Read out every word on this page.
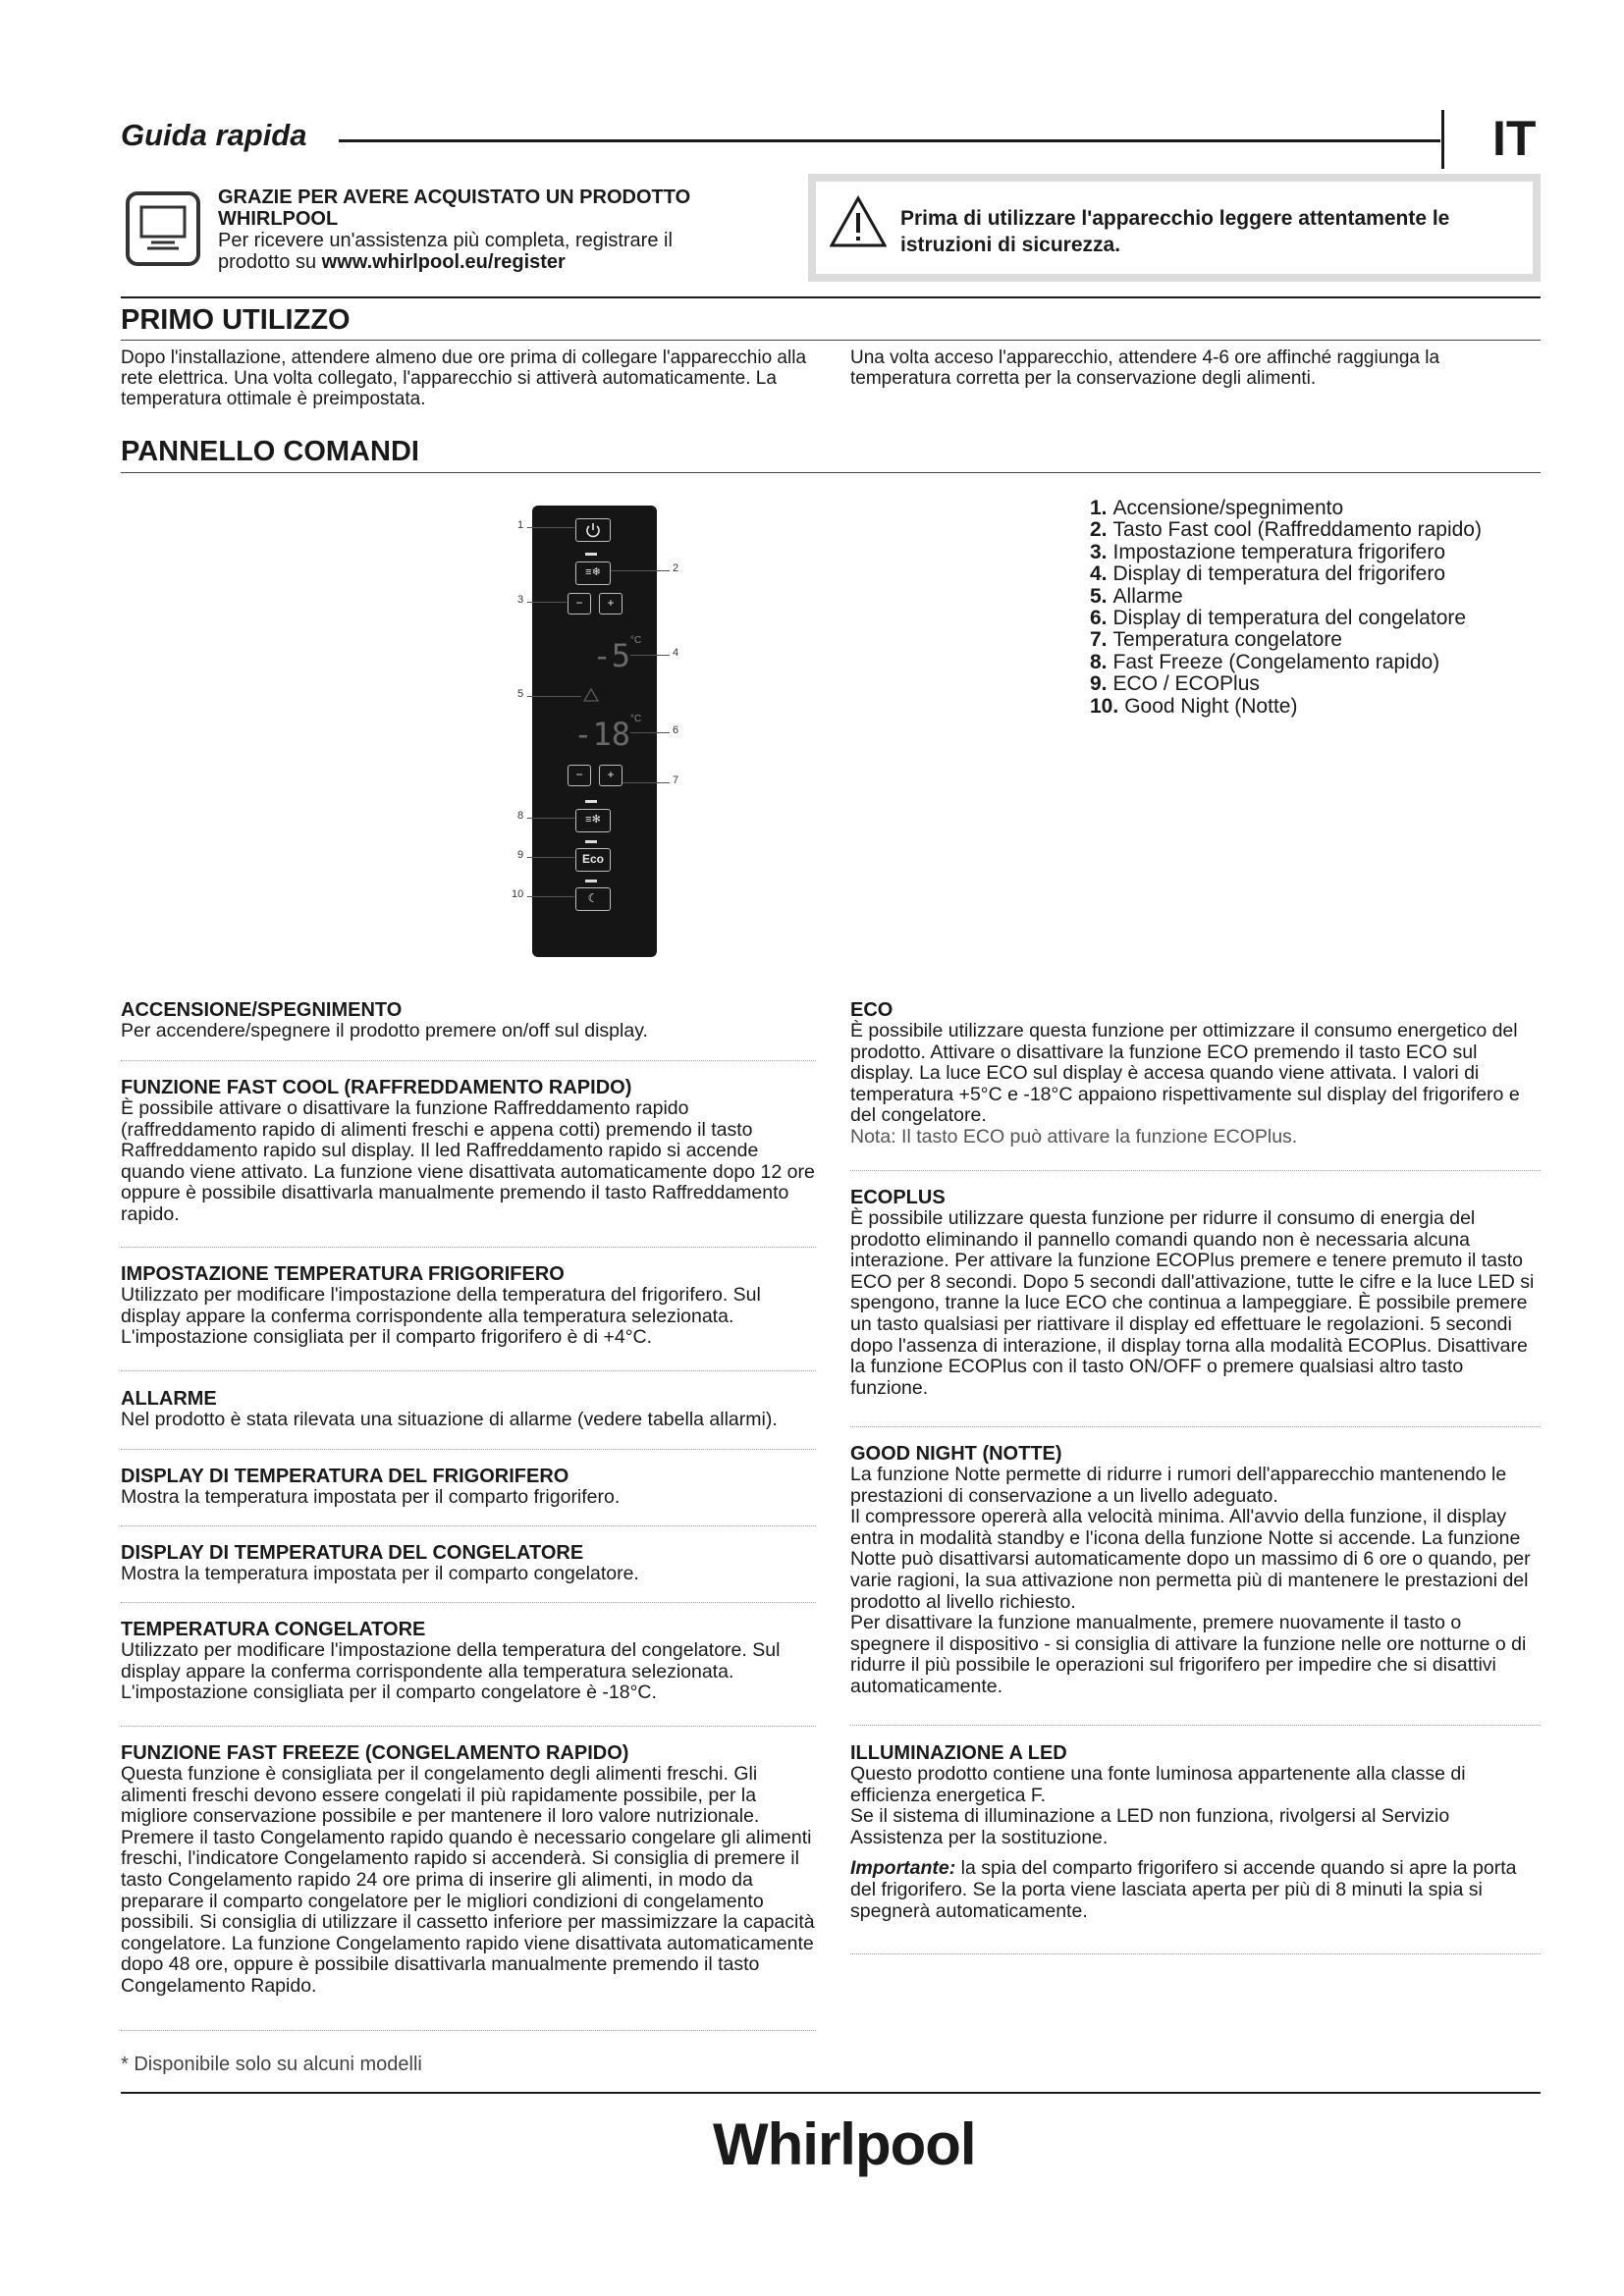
Guida rapida	IT
GRAZIE PER AVERE ACQUISTATO UN PRODOTTO WHIRLPOOL
Per ricevere un'assistenza più completa, registrare il prodotto su www.whirlpool.eu/register
Prima di utilizzare l'apparecchio leggere attentamente le istruzioni di sicurezza.
PRIMO UTILIZZO
Dopo l'installazione, attendere almeno due ore prima di collegare l'apparecchio alla rete elettrica. Una volta collegato, l'apparecchio si attiverà automaticamente. La temperatura ottimale è preimpostata.
Una volta acceso l'apparecchio, attendere 4-6 ore affinché raggiunga la temperatura corretta per la conservazione degli alimenti.
PANNELLO COMANDI
≡❄
−	+
-5 °C
-18 °C
−	+
≡✻
Eco
☾
1
2
3
4
5
6
7
8
9
10
1. Accensione/spegnimento
2. Tasto Fast cool (Raffreddamento rapido)
3. Impostazione temperatura frigorifero
4. Display di temperatura del frigorifero
5. Allarme
6. Display di temperatura del congelatore
7. Temperatura congelatore
8. Fast Freeze (Congelamento rapido)
9. ECO / ECOPlus
10. Good Night (Notte)
ACCENSIONE/SPEGNIMENTO

Per accendere/spegnere il prodotto premere on/off sul display.

FUNZIONE FAST COOL (RAFFREDDAMENTO RAPIDO)

È possibile attivare o disattivare la funzione Raffreddamento rapido (raffreddamento rapido di alimenti freschi e appena cotti) premendo il tasto Raffreddamento rapido sul display. Il led Raffreddamento rapido si accende quando viene attivato. La funzione viene disattivata automaticamente dopo 12 ore oppure è possibile disattivarla manualmente premendo il tasto Raffreddamento rapido.

IMPOSTAZIONE TEMPERATURA FRIGORIFERO

Utilizzato per modificare l'impostazione della temperatura del frigorifero. Sul display appare la conferma corrispondente alla temperatura selezionata. L'impostazione consigliata per il comparto frigorifero è di +4°C.

ALLARME

Nel prodotto è stata rilevata una situazione di allarme (vedere tabella allarmi).

DISPLAY DI TEMPERATURA DEL FRIGORIFERO

Mostra la temperatura impostata per il comparto frigorifero.

DISPLAY DI TEMPERATURA DEL CONGELATORE

Mostra la temperatura impostata per il comparto congelatore.

TEMPERATURA CONGELATORE

Utilizzato per modificare l'impostazione della temperatura del congelatore. Sul display appare la conferma corrispondente alla temperatura selezionata. L'impostazione consigliata per il comparto congelatore è -18°C.

FUNZIONE FAST FREEZE (CONGELAMENTO RAPIDO)

Questa funzione è consigliata per il congelamento degli alimenti freschi. Gli alimenti freschi devono essere congelati il più rapidamente possibile, per la migliore conservazione possibile e per mantenere il loro valore nutrizionale. Premere il tasto Congelamento rapido quando è necessario congelare gli alimenti freschi, l'indicatore Congelamento rapido si accenderà. Si consiglia di premere il tasto Congelamento rapido 24 ore prima di inserire gli alimenti, in modo da preparare il comparto congelatore per le migliori condizioni di congelamento possibili. Si consiglia di utilizzare il cassetto inferiore per massimizzare la capacità congelatore. La funzione Congelamento rapido viene disattivata automaticamente dopo 48 ore, oppure è possibile disattivarla manualmente premendo il tasto Congelamento Rapido.

ECO

È possibile utilizzare questa funzione per ottimizzare il consumo energetico del prodotto. Attivare o disattivare la funzione ECO premendo il tasto ECO sul display. La luce ECO sul display è accesa quando viene attivata. I valori di temperatura +5°C e -18°C appaiono rispettivamente sul display del frigorifero e del congelatore.

Nota: Il tasto ECO può attivare la funzione ECOPlus.

ECOPLUS

È possibile utilizzare questa funzione per ridurre il consumo di energia del prodotto eliminando il pannello comandi quando non è necessaria alcuna interazione. Per attivare la funzione ECOPlus premere e tenere premuto il tasto ECO per 8 secondi. Dopo 5 secondi dall'attivazione, tutte le cifre e la luce LED si spengono, tranne la luce ECO che continua a lampeggiare. È possibile premere un tasto qualsiasi per riattivare il display ed effettuare le regolazioni. 5 secondi dopo l'assenza di interazione, il display torna alla modalità ECOPlus. Disattivare la funzione ECOPlus con il tasto ON/OFF o premere qualsiasi altro tasto funzione.

GOOD NIGHT (NOTTE)

La funzione Notte permette di ridurre i rumori dell'apparecchio mantenendo le prestazioni di conservazione a un livello adeguato.

Il compressore opererà alla velocità minima. All'avvio della funzione, il display entra in modalità standby e l'icona della funzione Notte si accende. La funzione Notte può disattivarsi automaticamente dopo un massimo di 6 ore o quando, per varie ragioni, la sua attivazione non permetta più di mantenere le prestazioni del prodotto al livello richiesto.

Per disattivare la funzione manualmente, premere nuovamente il tasto o spegnere il dispositivo - si consiglia di attivare la funzione nelle ore notturne o di ridurre il più possibile le operazioni sul frigorifero per impedire che si disattivi automaticamente.

ILLUMINAZIONE A LED

Questo prodotto contiene una fonte luminosa appartenente alla classe di efficienza energetica F.

Se il sistema di illuminazione a LED non funziona, rivolgersi al Servizio Assistenza per la sostituzione.

Importante: la spia del comparto frigorifero si accende quando si apre la porta del frigorifero. Se la porta viene lasciata aperta per più di 8 minuti la spia si spegnerà automaticamente.

* Disponibile solo su alcuni modelli
Whirlpool
